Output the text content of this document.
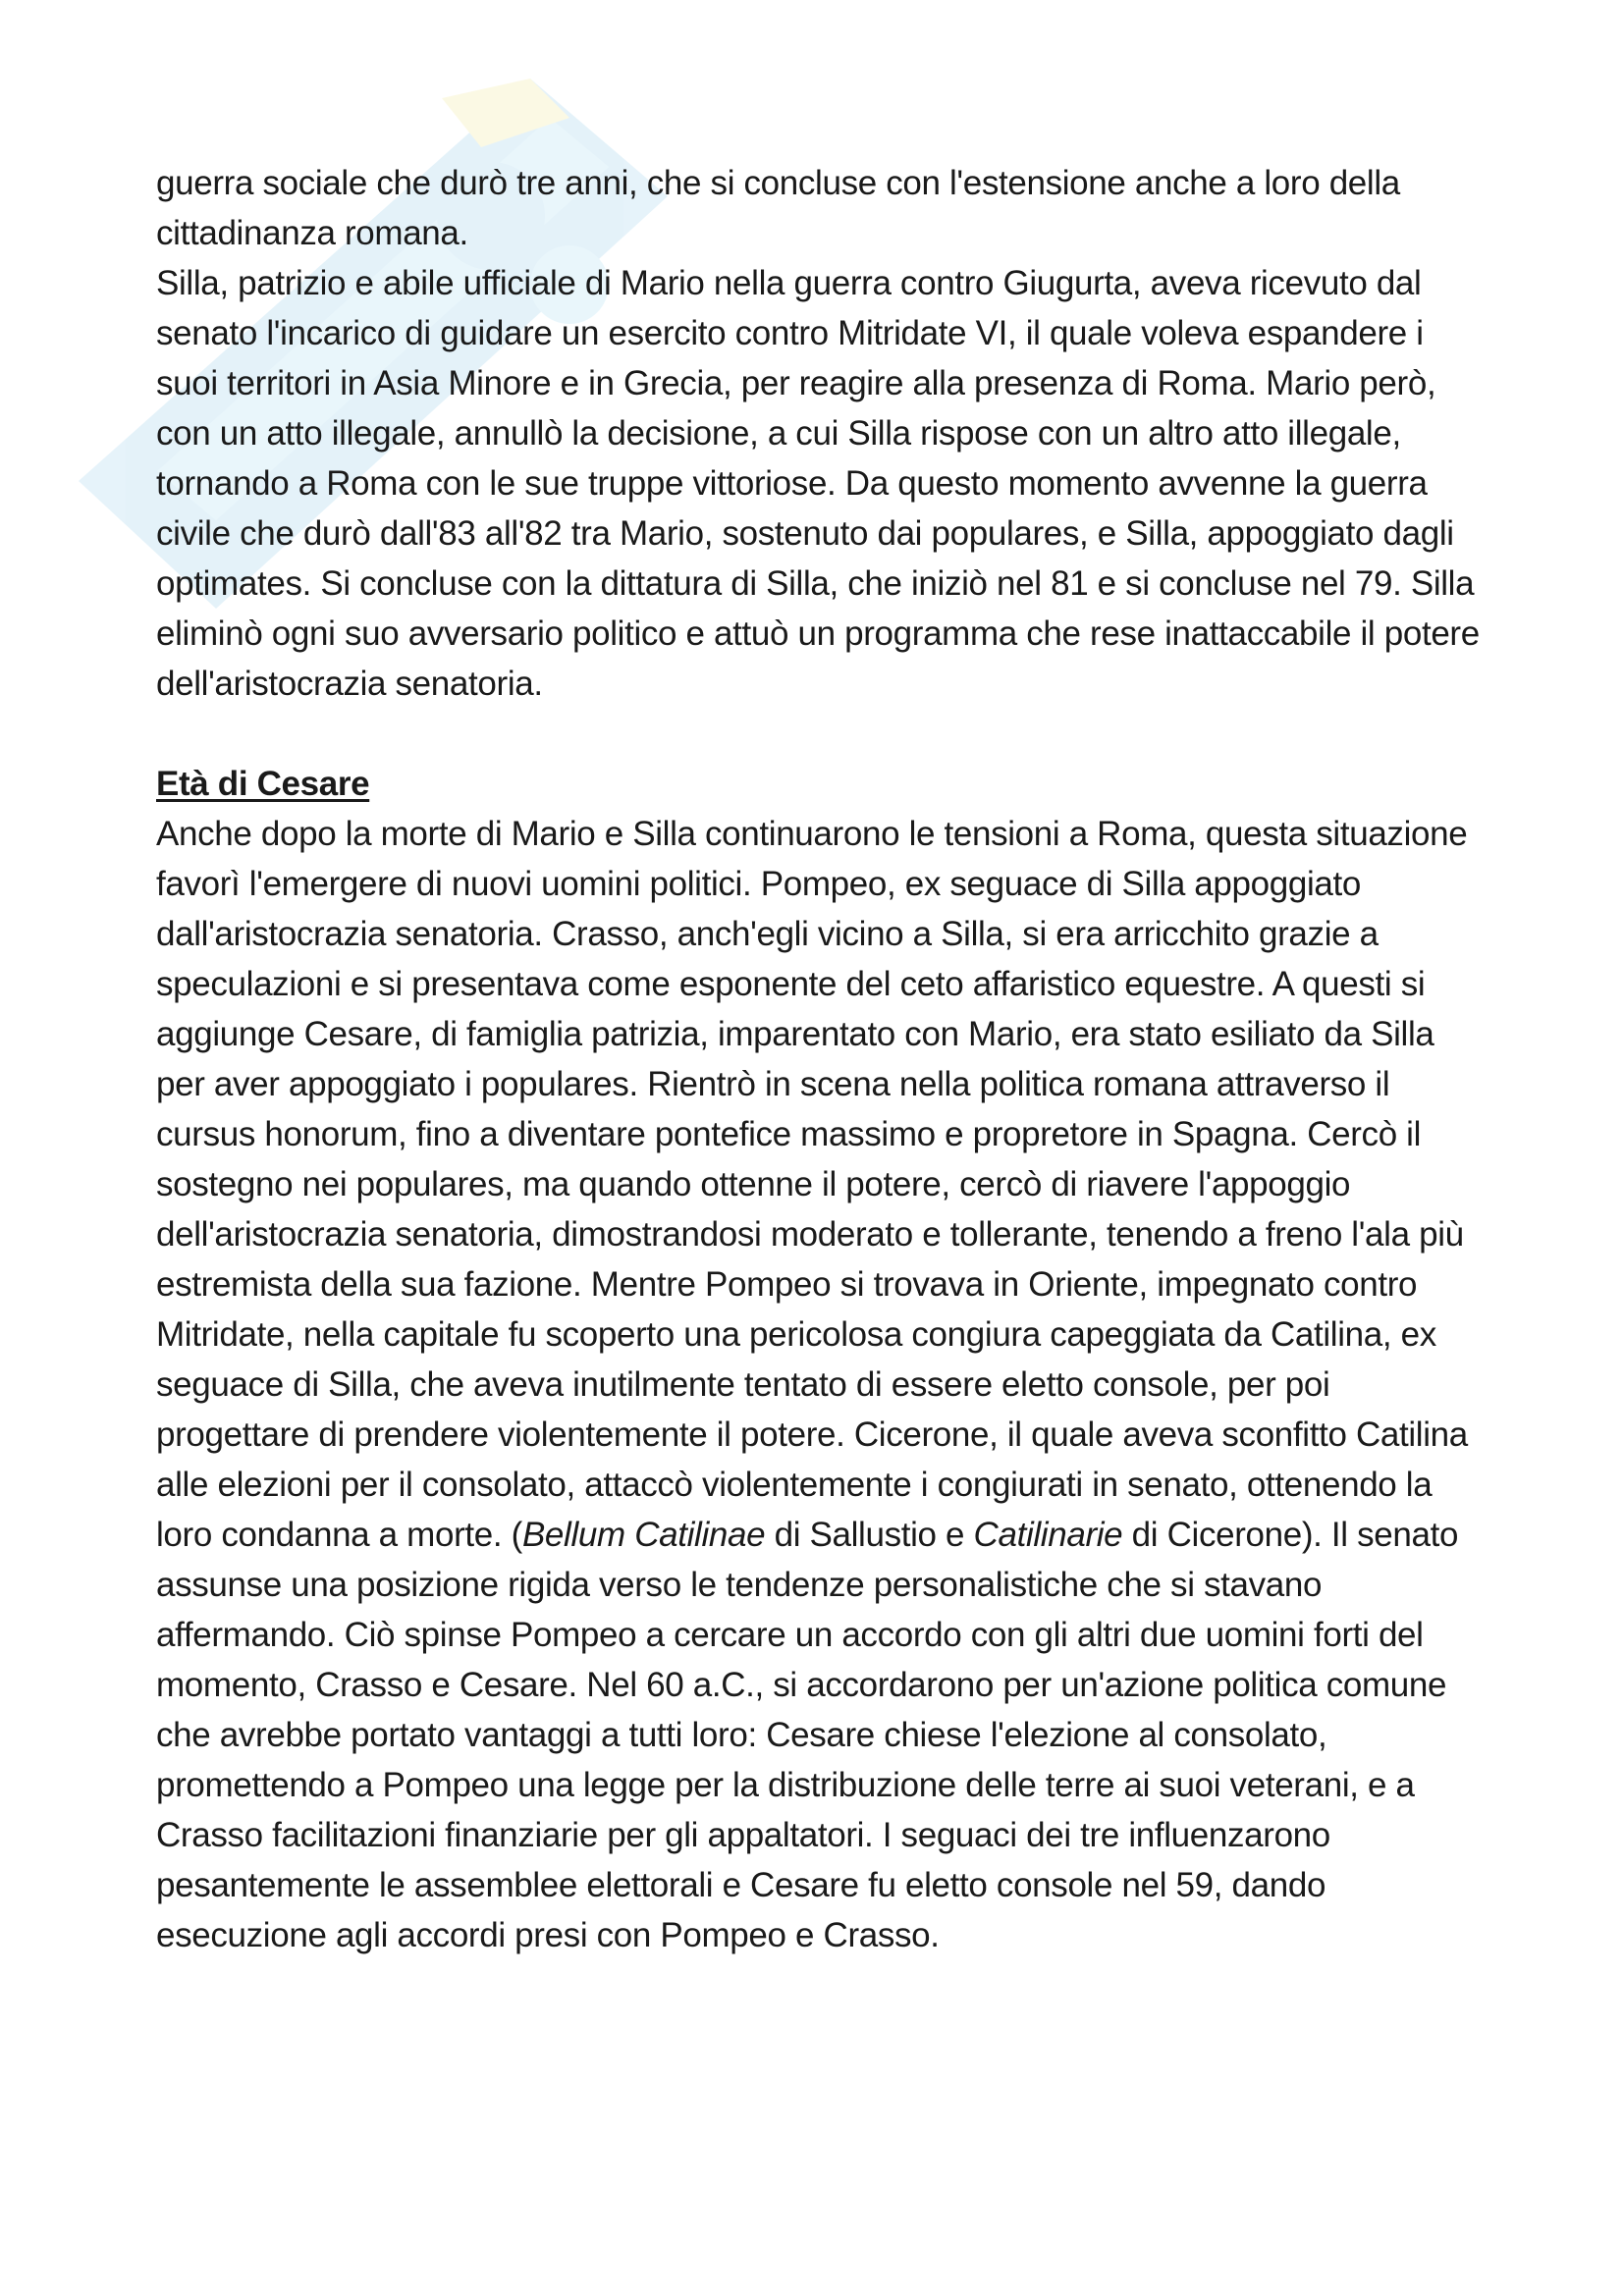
guerra sociale che durò tre anni, che si concluse con l'estensione anche a loro della cittadinanza romana.

Silla, patrizio e abile ufficiale di Mario nella guerra contro Giugurta, aveva ricevuto dal senato l'incarico di guidare un esercito contro Mitridate VI, il quale voleva espandere i suoi territori in Asia Minore e in Grecia, per reagire alla presenza di Roma. Mario però, con un atto illegale, annullò la decisione, a cui Silla rispose con un altro atto illegale, tornando a Roma con le sue truppe vittoriose. Da questo momento avvenne la guerra civile che durò dall'83 all'82 tra Mario, sostenuto dai populares, e Silla, appoggiato dagli optimates. Si concluse con la dittatura di Silla, che iniziò nel 81 e si concluse nel 79. Silla eliminò ogni suo avversario politico e attuò un programma che rese inattaccabile il potere dell'aristocrazia senatoria.

Età di Cesare

Anche dopo la morte di Mario e Silla continuarono le tensioni a Roma, questa situazione favorì l'emergere di nuovi uomini politici. Pompeo, ex seguace di Silla appoggiato dall'aristocrazia senatoria. Crasso, anch'egli vicino a Silla, si era arricchito grazie a speculazioni e si presentava come esponente del ceto affaristico equestre. A questi si aggiunge Cesare, di famiglia patrizia, imparentato con Mario, era stato esiliato da Silla per aver appoggiato i populares. Rientrò in scena nella politica romana attraverso il cursus honorum, fino a diventare pontefice massimo e propretore in Spagna. Cercò il sostegno nei populares, ma quando ottenne il potere, cercò di riavere l'appoggio dell'aristocrazia senatoria, dimostrandosi moderato e tollerante, tenendo a freno l'ala più estremista della sua fazione. Mentre Pompeo si trovava in Oriente, impegnato contro Mitridate, nella capitale fu scoperto una pericolosa congiura capeggiata da Catilina, ex seguace di Silla, che aveva inutilmente tentato di essere eletto console, per poi progettare di prendere violentemente il potere. Cicerone, il quale aveva sconfitto Catilina alle elezioni per il consolato, attaccò violentemente i congiurati in senato, ottenendo la loro condanna a morte. (Bellum Catilinae di Sallustio e Catilinarie di Cicerone). Il senato assunse una posizione rigida verso le tendenze personalistiche che si stavano affermando. Ciò spinse Pompeo a cercare un accordo con gli altri due uomini forti del momento, Crasso e Cesare. Nel 60 a.C., si accordarono per un'azione politica comune che avrebbe portato vantaggi a tutti loro: Cesare chiese l'elezione al consolato, promettendo a Pompeo una legge per la distribuzione delle terre ai suoi veterani, e a Crasso facilitazioni finanziarie per gli appaltatori. I seguaci dei tre influenzarono pesantemente le assemblee elettorali e Cesare fu eletto console nel 59, dando esecuzione agli accordi presi con Pompeo e Crasso.
